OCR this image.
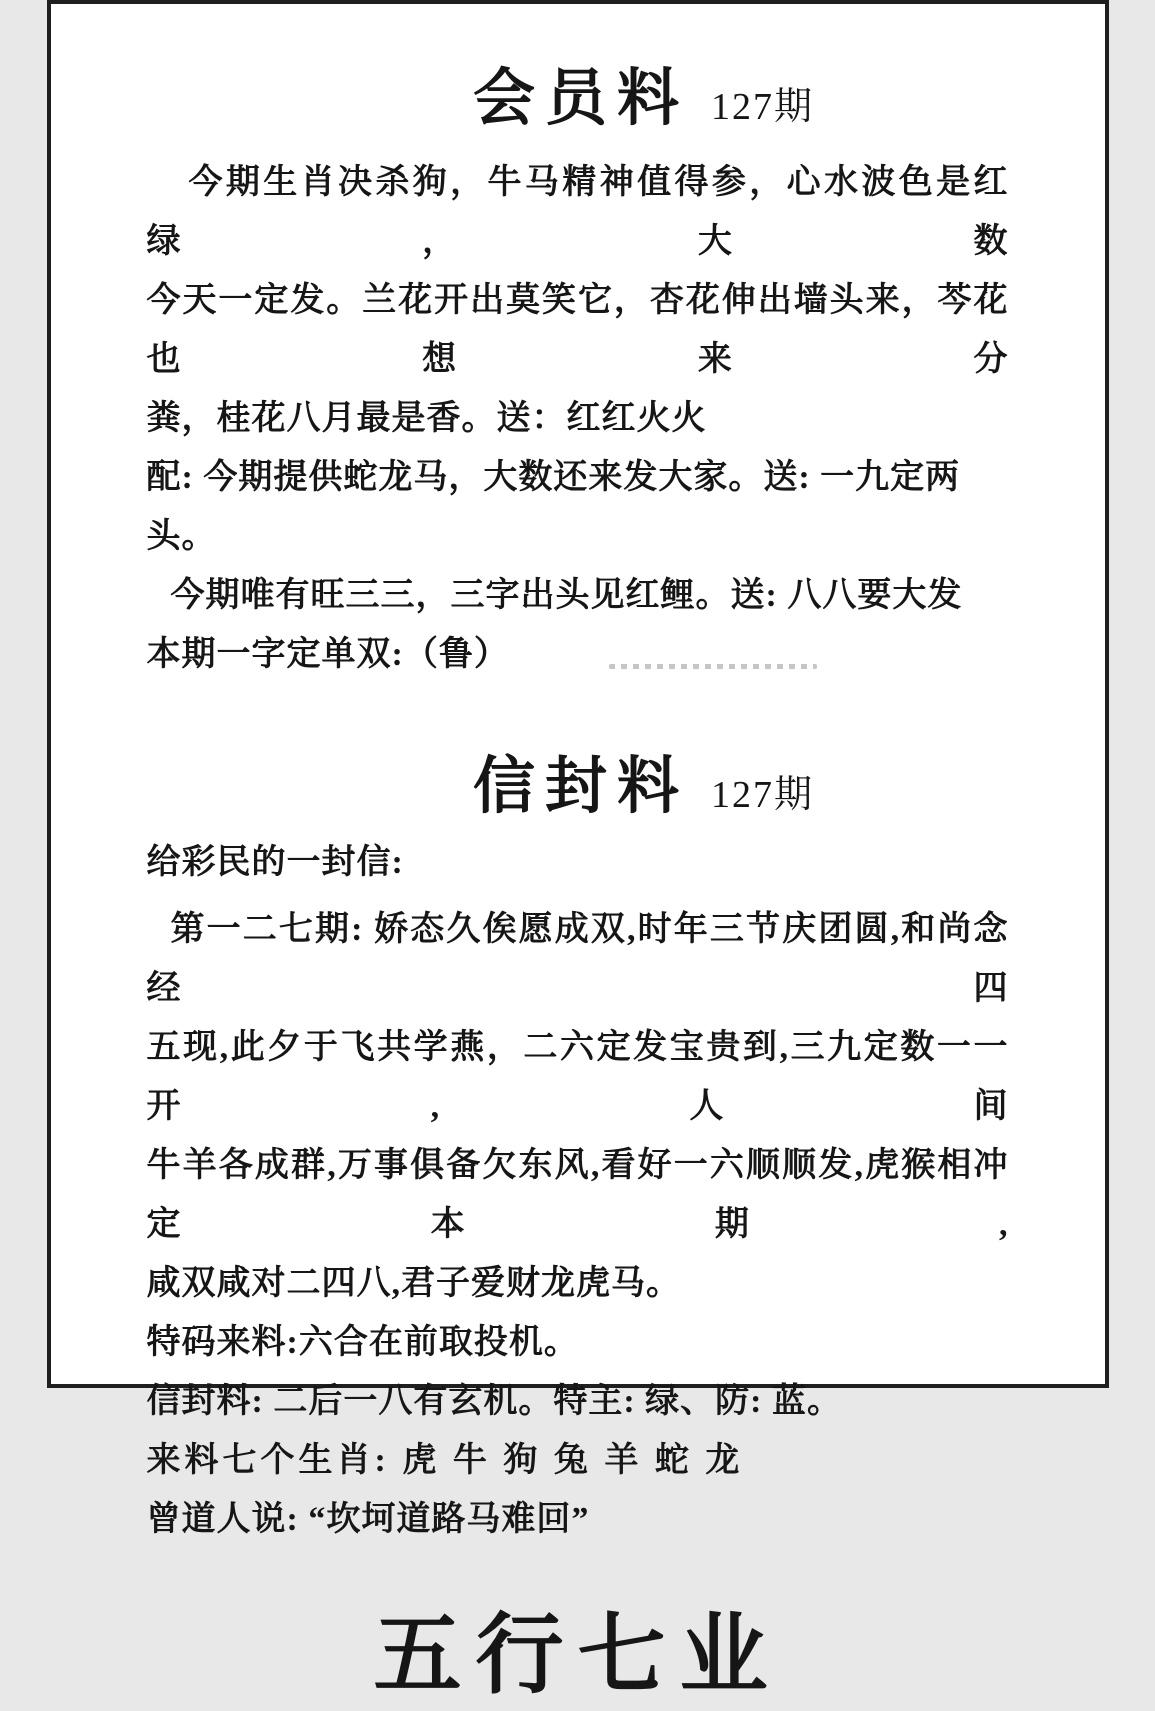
会员料 127期
今期生肖决杀狗，牛马精神值得参，心水波色是红绿，大数
今天一定发。兰花开出莫笑它，杏花伸出墙头来，芩花也想来分
粪，桂花八月最是香。送：红红火火
配: 今期提供蛇龙马，大数还来发大家。送: 一九定两头。
今期唯有旺三三，三字出头见红鲤。送: 八八要大发
本期一字定单双:（鲁）
信封料 127期
给彩民的一封信:
第一二七期: 娇态久俟愿成双,时年三节庆团圆,和尚念经四
五现,此夕于飞共学燕，二六定发宝贵到,三九定数一一开,人间
牛羊各成群,万事俱备欠东风,看好一六顺顺发,虎猴相冲定本期,
咸双咸对二四八,君子爱财龙虎马。
特码来料:六合在前取投机。
信封料: 二后一八有玄机。特主: 绿、防: 蓝。
来料七个生肖: 虎 牛 狗 兔 羊 蛇 龙
曾道人说: “坎坷道路马难回”
五行七业
